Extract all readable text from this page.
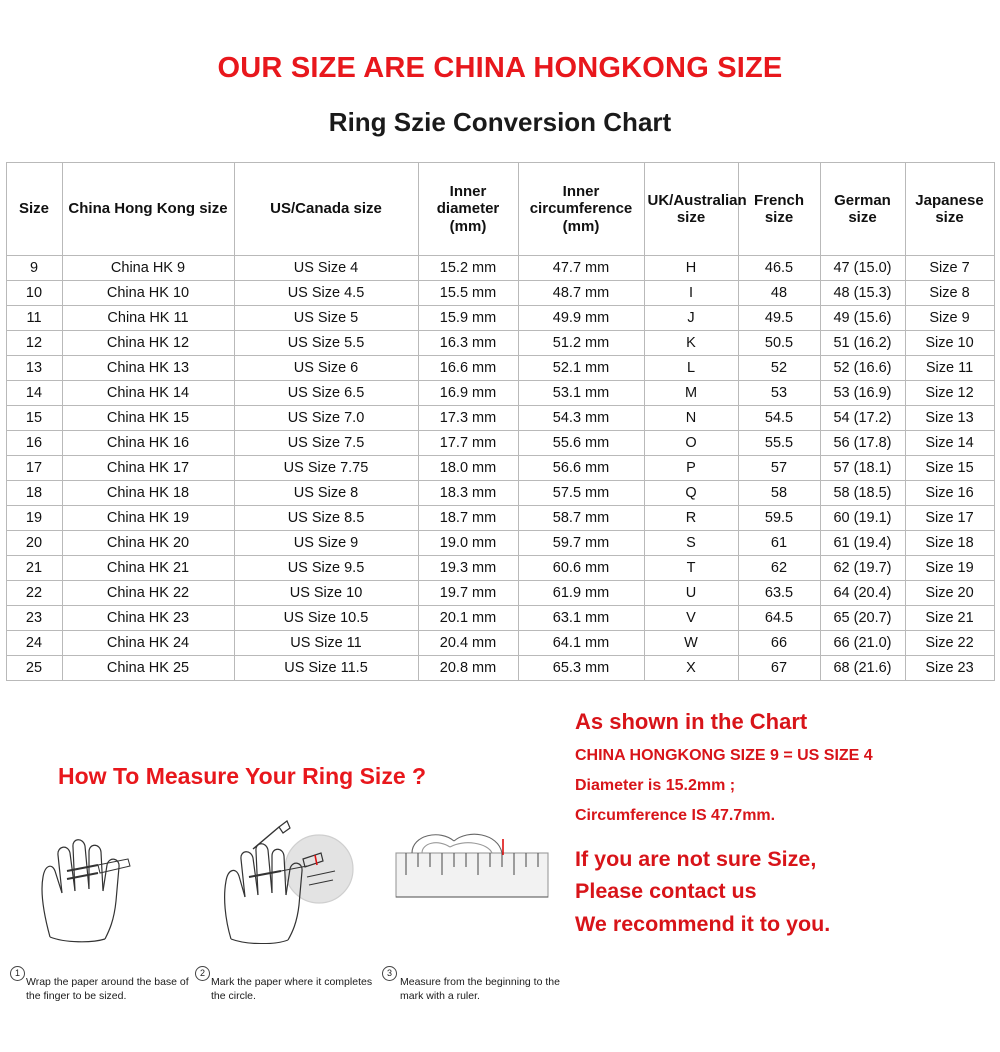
OUR SIZE ARE CHINA HONGKONG SIZE
Ring Szie Conversion Chart
Size	China Hong Kong size	US/Canada size	Inner diameter (mm)	Inner circumference (mm)	UK/Australian size	French size	German size	Japanese size
9	China HK 9	US Size 4	15.2 mm	47.7 mm	H	46.5	47 (15.0)	Size 7
10	China HK 10	US Size 4.5	15.5 mm	48.7 mm	I	48	48 (15.3)	Size 8
11	China HK 11	US Size 5	15.9 mm	49.9 mm	J	49.5	49 (15.6)	Size 9
12	China HK 12	US Size 5.5	16.3 mm	51.2 mm	K	50.5	51 (16.2)	Size 10
13	China HK 13	US Size 6	16.6 mm	52.1 mm	L	52	52 (16.6)	Size 11
14	China HK 14	US Size 6.5	16.9 mm	53.1 mm	M	53	53 (16.9)	Size 12
15	China HK 15	US Size 7.0	17.3 mm	54.3 mm	N	54.5	54 (17.2)	Size 13
16	China HK 16	US Size 7.5	17.7 mm	55.6 mm	O	55.5	56 (17.8)	Size 14
17	China HK 17	US Size 7.75	18.0 mm	56.6 mm	P	57	57 (18.1)	Size 15
18	China HK 18	US Size 8	18.3 mm	57.5 mm	Q	58	58 (18.5)	Size 16
19	China HK 19	US Size 8.5	18.7 mm	58.7 mm	R	59.5	60 (19.1)	Size 17
20	China HK 20	US Size 9	19.0 mm	59.7 mm	S	61	61 (19.4)	Size 18
21	China HK 21	US Size 9.5	19.3 mm	60.6 mm	T	62	62 (19.7)	Size 19
22	China HK 22	US Size 10	19.7 mm	61.9 mm	U	63.5	64 (20.4)	Size 20
23	China HK 23	US Size 10.5	20.1 mm	63.1 mm	V	64.5	65 (20.7)	Size 21
24	China HK 24	US Size 11	20.4 mm	64.1 mm	W	66	66 (21.0)	Size 22
25	China HK 25	US Size 11.5	20.8 mm	65.3 mm	X	67	68 (21.6)	Size 23
How To Measure Your Ring Size ?
As shown in the Chart
CHINA HONGKONG SIZE 9 = US SIZE 4
Diameter is 15.2mm ;
Circumference IS 47.7mm.
If you are not sure Size,
Please contact us
We recommend it to you.
1
Wrap the paper around the base of the finger to be sized.
2
Mark the paper where it completes the circle.
3
Measure from the beginning to the mark with a ruler.
